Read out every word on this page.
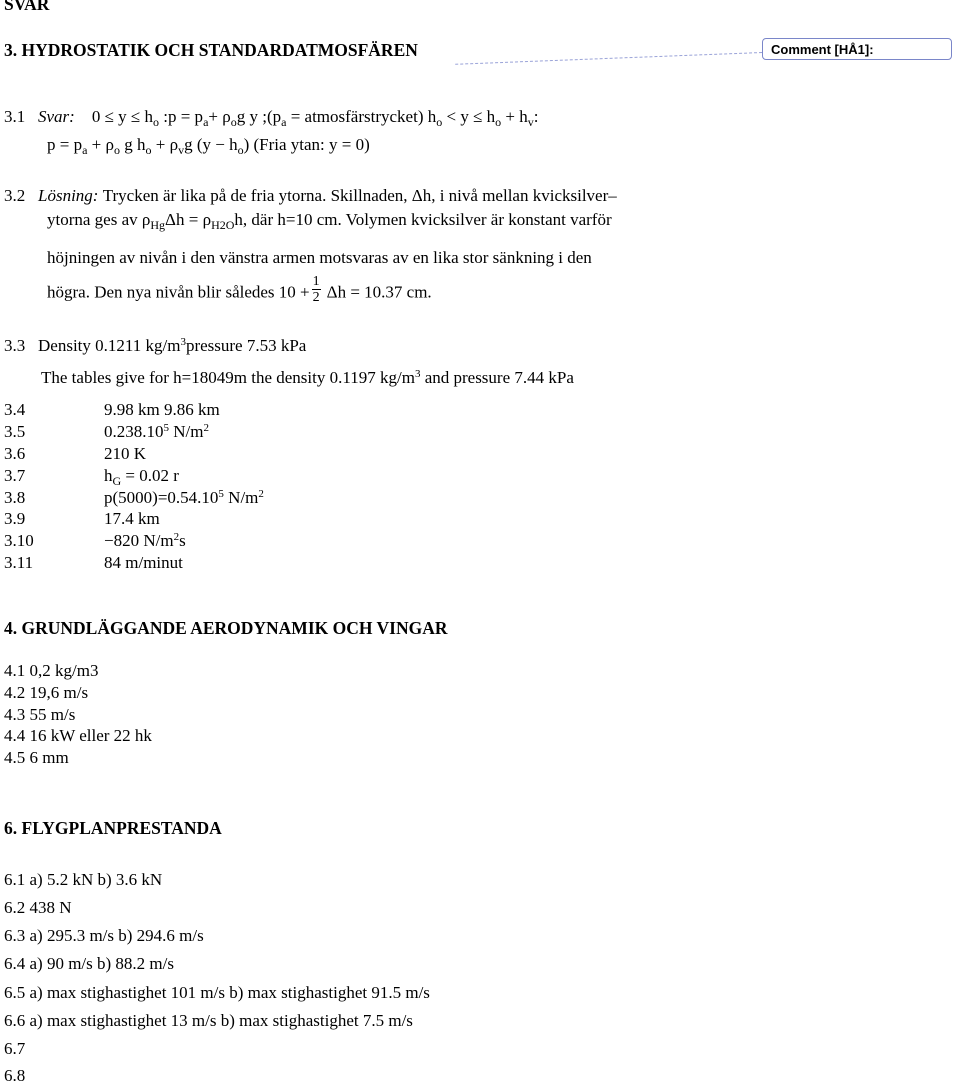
SVAR
3. HYDROSTATIK OCH STANDARDATMOSFÄREN	Comment [HÅ1]:
3.1 Svar: $0 \le y \le h_o$ :p = $p_a+ \rho_og$ y $;(p_a$ = atmosfärstrycket) $h_o < y \le h_o + h_v$:
$p = p_a + \rho_o$ g $h_o + \rho_vg$ $(y - h_o)$ (Fria ytan: y = 0)
3.2 Lösning: Trycken är lika på de fria ytorna. Skillnaden, Δh, i nivå mellan kvicksilver–
ytorna ges av $\rho_{Hg}\Delta h = \rho_{H2O}h$, där h=10 cm. Volymen kvicksilver är konstant varför
höjningen av nivån i den vänstra armen motsvaras av en lika stor sänkning i den
högra. Den nya nivån blir således $10 + \frac{1}{2}$ Δh = 10.37 cm.
3.3 Density 0.1211 $kg/m^3pressure$ 7.53 kPa
The tables give for h=18049m the density 0.1197 $kg/m^3$ and pressure 7.44 kPa
3.4	9.98 km 9.86 km
3.5	0.238.10$^5$ $N/m^2$
3.6	210 K
3.7	$h_G = 0.02$ r
3.8	$p(5000)=0.54.10^5$ $N/m^2$
3.9	17.4 km
3.10	−820 $N/m^2s$
3.11	84 m/minut
4. GRUNDLÄGGANDE AERODYNAMIK OCH VINGAR
4.1 0,2 kg/m3
4.2 19,6 m/s
4.3 55 m/s
4.4 16 kW eller 22 hk
4.5 6 mm
6. FLYGPLANPRESTANDA
6.1 a) 5.2 kN b) 3.6 kN
6.2 438 N
6.3 a) 295.3 m/s b) 294.6 m/s
6.4 a) 90 m/s b) 88.2 m/s
6.5 a) max stighastighet 101 m/s b) max stighastighet 91.5 m/s
6.6 a) max stighastighet 13 m/s b) max stighastighet 7.5 m/s
6.7
6.8
